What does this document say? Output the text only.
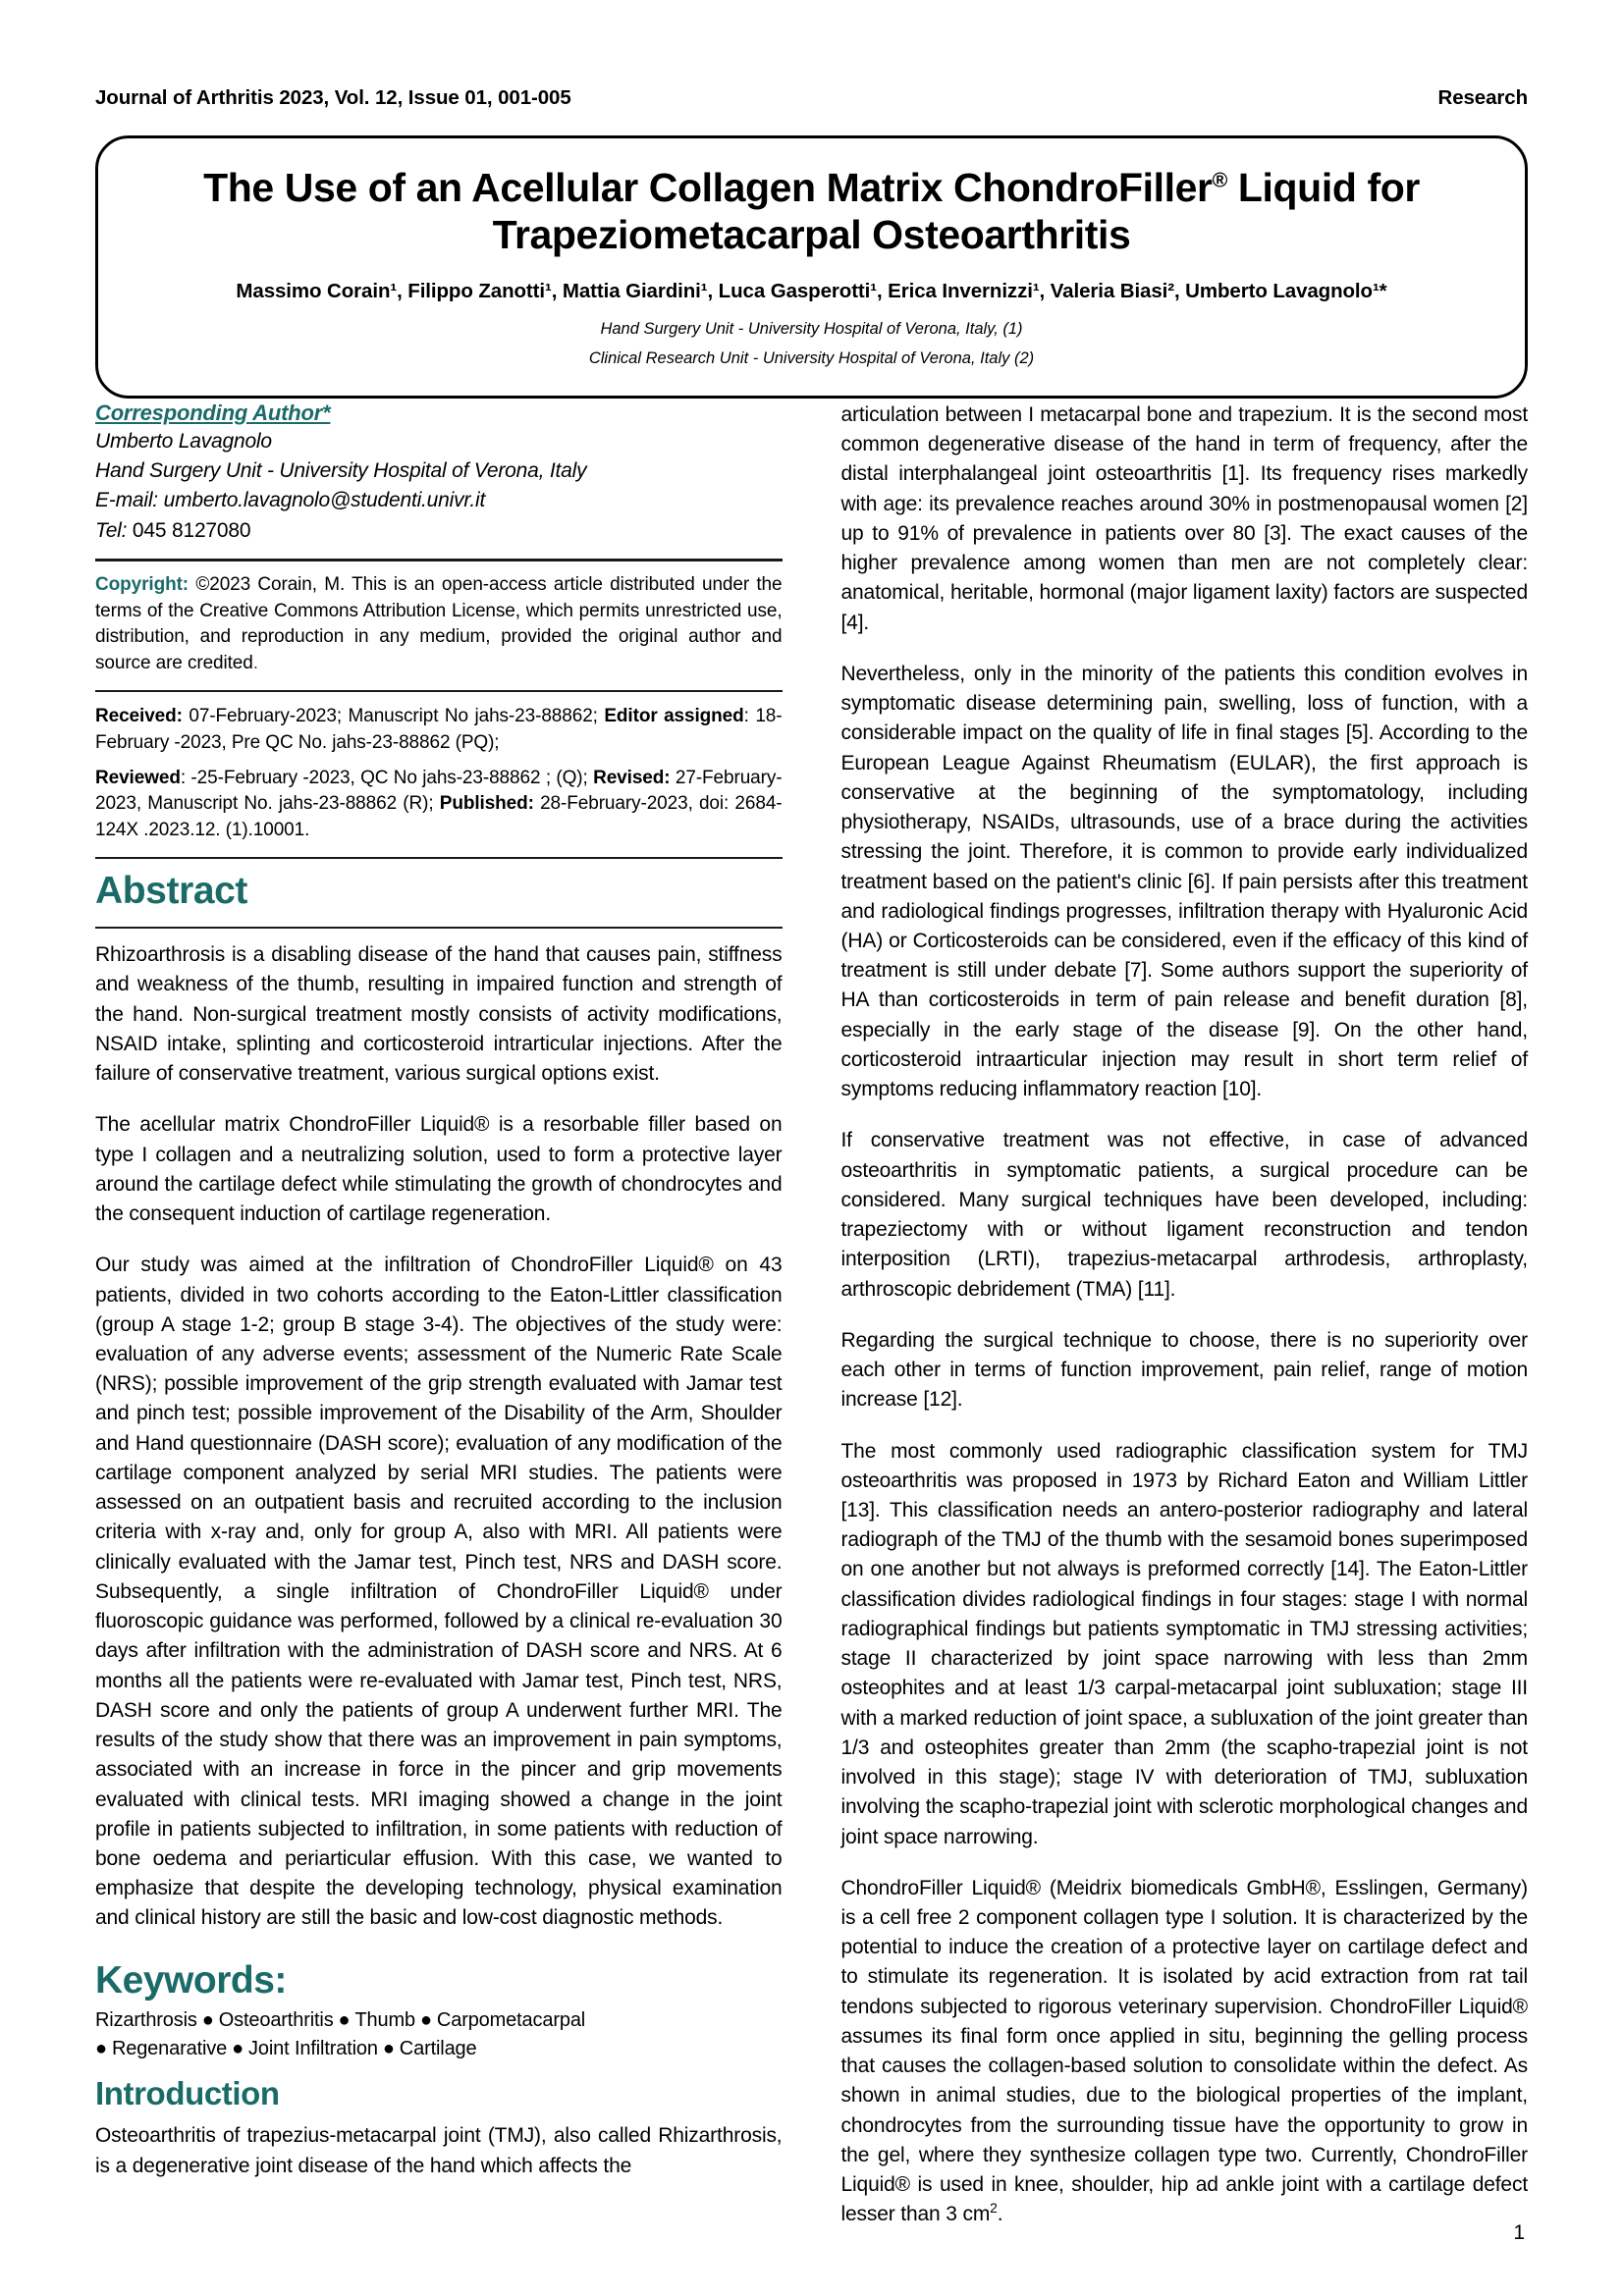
Journal of Arthritis 2023, Vol. 12, Issue 01, 001-005	Research
The Use of an Acellular Collagen Matrix ChondroFiller® Liquid for
Trapeziometacarpal Osteoarthritis
Massimo Corain¹, Filippo Zanotti¹, Mattia Giardini¹, Luca Gasperotti¹, Erica Invernizzi¹, Valeria Biasi², Umberto Lavagnolo¹*
Hand Surgery Unit - University Hospital of Verona, Italy, (1)
Clinical Research Unit - University Hospital of Verona, Italy (2)
Corresponding Author*
Umberto Lavagnolo
Hand Surgery Unit - University Hospital of Verona, Italy
E-mail: umberto.lavagnolo@studenti.univr.it
Tel: 045 8127080

Copyright: ©2023 Corain, M. This is an open-access article distributed under the terms of the Creative Commons Attribution License, which permits unrestricted use, distribution, and reproduction in any medium, provided the original author and source are credited.

Received: 07-February-2023; Manuscript No jahs-23-88862; Editor assigned: 18- February -2023, Pre QC No. jahs-23-88862 (PQ);

Reviewed: -25-February -2023, QC No jahs-23-88862 ; (Q); Revised: 27-February-2023, Manuscript No. jahs-23-88862 (R); Published: 28-February-2023, doi: 2684-124X .2023.12. (1).10001.

Abstract

Rhizoarthrosis is a disabling disease of the hand that causes pain, stiffness and weakness of the thumb, resulting in impaired function and strength of the hand. Non-surgical treatment mostly consists of activity modifications, NSAID intake, splinting and corticosteroid intrarticular injections. After the failure of conservative treatment, various surgical options exist.

The acellular matrix ChondroFiller Liquid® is a resorbable filler based on type I collagen and a neutralizing solution, used to form a protective layer around the cartilage defect while stimulating the growth of chondrocytes and the consequent induction of cartilage regeneration.

Our study was aimed at the infiltration of ChondroFiller Liquid® on 43 patients, divided in two cohorts according to the Eaton-Littler classification (group A stage 1-2; group B stage 3-4). The objectives of the study were: evaluation of any adverse events; assessment of the Numeric Rate Scale (NRS); possible improvement of the grip strength evaluated with Jamar test and pinch test; possible improvement of the Disability of the Arm, Shoulder and Hand questionnaire (DASH score); evaluation of any modification of the cartilage component analyzed by serial MRI studies. The patients were assessed on an outpatient basis and recruited according to the inclusion criteria with x-ray and, only for group A, also with MRI. All patients were clinically evaluated with the Jamar test, Pinch test, NRS and DASH score. Subsequently, a single infiltration of ChondroFiller Liquid® under fluoroscopic guidance was performed, followed by a clinical re-evaluation 30 days after infiltration with the administration of DASH score and NRS. At 6 months all the patients were re-evaluated with Jamar test, Pinch test, NRS, DASH score and only the patients of group A underwent further MRI. The results of the study show that there was an improvement in pain symptoms, associated with an increase in force in the pincer and grip movements evaluated with clinical tests. MRI imaging showed a change in the joint profile in patients subjected to infiltration, in some patients with reduction of bone oedema and periarticular effusion. With this case, we wanted to emphasize that despite the developing technology, physical examination and clinical history are still the basic and low-cost diagnostic methods.

Keywords: Rizarthrosis ● Osteoarthritis ● Thumb ● Carpometacarpal
● Regenarative ● Joint Infiltration ● Cartilage
Introduction

Osteoarthritis of trapezius-metacarpal joint (TMJ), also called Rhizarthrosis, is a degenerative joint disease of the hand which affects the

articulation between I metacarpal bone and trapezium. It is the second most common degenerative disease of the hand in term of frequency, after the distal interphalangeal joint osteoarthritis [1]. Its frequency rises markedly with age: its prevalence reaches around 30% in postmenopausal women [2] up to 91% of prevalence in patients over 80 [3]. The exact causes of the higher prevalence among women than men are not completely clear: anatomical, heritable, hormonal (major ligament laxity) factors are suspected [4].

Nevertheless, only in the minority of the patients this condition evolves in symptomatic disease determining pain, swelling, loss of function, with a considerable impact on the quality of life in final stages [5]. According to the European League Against Rheumatism (EULAR), the first approach is conservative at the beginning of the symptomatology, including physiotherapy, NSAIDs, ultrasounds, use of a brace during the activities stressing the joint. Therefore, it is common to provide early individualized treatment based on the patient's clinic [6]. If pain persists after this treatment and radiological findings progresses, infiltration therapy with Hyaluronic Acid (HA) or Corticosteroids can be considered, even if the efficacy of this kind of treatment is still under debate [7]. Some authors support the superiority of HA than corticosteroids in term of pain release and benefit duration [8], especially in the early stage of the disease [9]. On the other hand, corticosteroid intraarticular injection may result in short term relief of symptoms reducing inflammatory reaction [10].

If conservative treatment was not effective, in case of advanced osteoarthritis in symptomatic patients, a surgical procedure can be considered. Many surgical techniques have been developed, including: trapeziectomy with or without ligament reconstruction and tendon interposition (LRTI), trapezius-metacarpal arthrodesis, arthroplasty, arthroscopic debridement (TMA) [11].

Regarding the surgical technique to choose, there is no superiority over each other in terms of function improvement, pain relief, range of motion increase [12].

The most commonly used radiographic classification system for TMJ osteoarthritis was proposed in 1973 by Richard Eaton and William Littler [13]. This classification needs an antero-posterior radiography and lateral radiograph of the TMJ of the thumb with the sesamoid bones superimposed on one another but not always is preformed correctly [14]. The Eaton-Littler classification divides radiological findings in four stages: stage I with normal radiographical findings but patients symptomatic in TMJ stressing activities; stage II characterized by joint space narrowing with less than 2mm osteophites and at least 1/3 carpal-metacarpal joint subluxation; stage III with a marked reduction of joint space, a subluxation of the joint greater than 1/3 and osteophites greater than 2mm (the scapho-trapezial joint is not involved in this stage); stage IV with deterioration of TMJ, subluxation involving the scapho-trapezial joint with sclerotic morphological changes and joint space narrowing.

ChondroFiller Liquid® (Meidrix biomedicals GmbH®, Esslingen, Germany) is a cell free 2 component collagen type I solution. It is characterized by the potential to induce the creation of a protective layer on cartilage defect and to stimulate its regeneration. It is isolated by acid extraction from rat tail tendons subjected to rigorous veterinary supervision. ChondroFiller Liquid® assumes its final form once applied in situ, beginning the gelling process that causes the collagen-based solution to consolidate within the defect. As shown in animal studies, due to the biological properties of the implant, chondrocytes from the surrounding tissue have the opportunity to grow in the gel, where they synthesize collagen type two. Currently, ChondroFiller Liquid® is used in knee, shoulder, hip ad ankle joint with a cartilage defect lesser than 3 $cm^2$.

1
